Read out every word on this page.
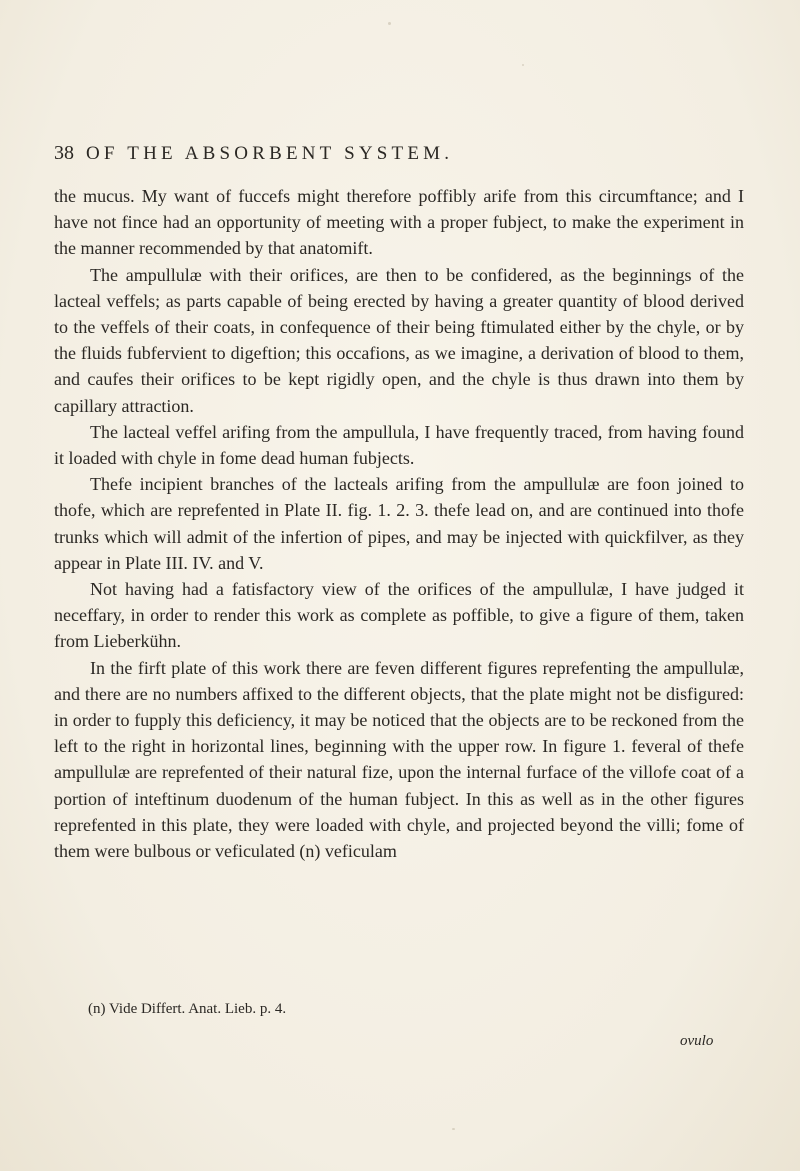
38 OF THE ABSORBENT SYSTEM.

the mucus. My want of fuccefs might therefore poffibly arife from this circumftance; and I have not fince had an opportunity of meeting with a proper fubject, to make the experiment in the manner recommended by that anatomift.

The ampullulæ with their orifices, are then to be confidered, as the beginnings of the lacteal veffels; as parts capable of being erected by having a greater quantity of blood derived to the veffels of their coats, in confequence of their being ftimulated either by the chyle, or by the fluids fubfervient to digeftion; this occafions, as we imagine, a derivation of blood to them, and caufes their orifices to be kept rigidly open, and the chyle is thus drawn into them by capillary attraction.

The lacteal veffel arifing from the ampullula, I have frequently traced, from having found it loaded with chyle in fome dead human fubjects.

Thefe incipient branches of the lacteals arifing from the ampullulæ are foon joined to thofe, which are reprefented in Plate II. fig. 1. 2. 3. thefe lead on, and are continued into thofe trunks which will admit of the infertion of pipes, and may be injected with quickfilver, as they appear in Plate III. IV. and V.

Not having had a fatisfactory view of the orifices of the ampullulæ, I have judged it neceffary, in order to render this work as complete as poffible, to give a figure of them, taken from Lieberkühn.

In the firft plate of this work there are feven different figures reprefenting the ampullulæ, and there are no numbers affixed to the different objects, that the plate might not be disfigured: in order to fupply this deficiency, it may be noticed that the objects are to be reckoned from the left to the right in horizontal lines, beginning with the upper row. In figure 1. feveral of thefe ampullulæ are reprefented of their natural fize, upon the internal furface of the villofe coat of a portion of inteftinum duodenum of the human fubject. In this as well as in the other figures reprefented in this plate, they were loaded with chyle, and projected beyond the villi; fome of them were bulbous or veficulated (n) veficulam

(n) Vide Differt. Anat. Lieb. p. 4.
ovulo
